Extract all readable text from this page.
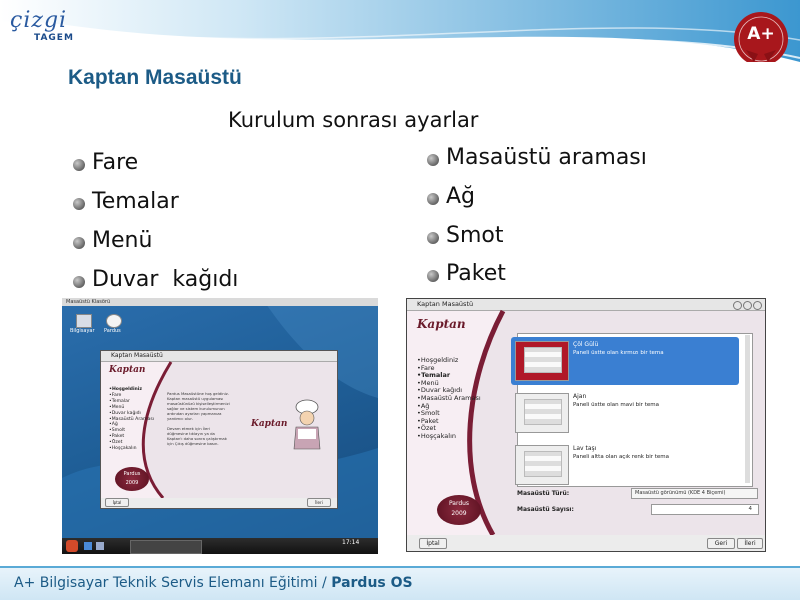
çizgi
TAGEM	A+
Kaptan Masaüstü
Kurulum sonrası ayarlar
Fare
Temalar
Menü
Duvar  kağıdı
Masaüstü araması
Ağ
Smot
Paket
Masaüstü Klasörü
Bilgisayar Pardus
Kaptan Masaüstü
Kaptan
• Hoşgeldiniz
• Fare
• Temalar
• Menü
• Duvar kağıdı
• Masaüstü Araması
• Ağ
• Smolt
• Paket
• Özet
• Hoşçakalın
Pardus Masaüstüne hoş geldiniz.
Kaptan masaüstü uygulaması
masaüstünüzü kişiselleştirmenizi
sağlar ve sistem kurulumunun
ardından ayarları yapmanıza
yardımcı olur.

Devam etmek için İleri
düğmesine tıklayın ya da
Kaptan'ı daha sonra çalıştırmak
için Çıkış düğmesine basın.
Kaptan
Pardus
2009
İptal	İleri
17:14
Kaptan Masaüstü
Kaptan
• Hoşgeldiniz
• Fare
• Temalar
• Menü
• Duvar kağıdı
• Masaüstü Araması
• Ağ
• Smolt
• Paket
• Özet
• Hoşçakalın
Çöl Gülü
Paneli üstte olan kırmızı bir tema
Ajan
Paneli üstte olan mavi bir tema
Lav taşı
Paneli altta olan açık renk bir tema
Masaüstü Türü:	Masaüstü görünümü (KDE 4 Biçemi)
Masaüstü Sayısı:	4
Pardus
2009
İptal	Geri	İleri
A+ Bilgisayar Teknik Servis Elemanı Eğitimi / Pardus OS
